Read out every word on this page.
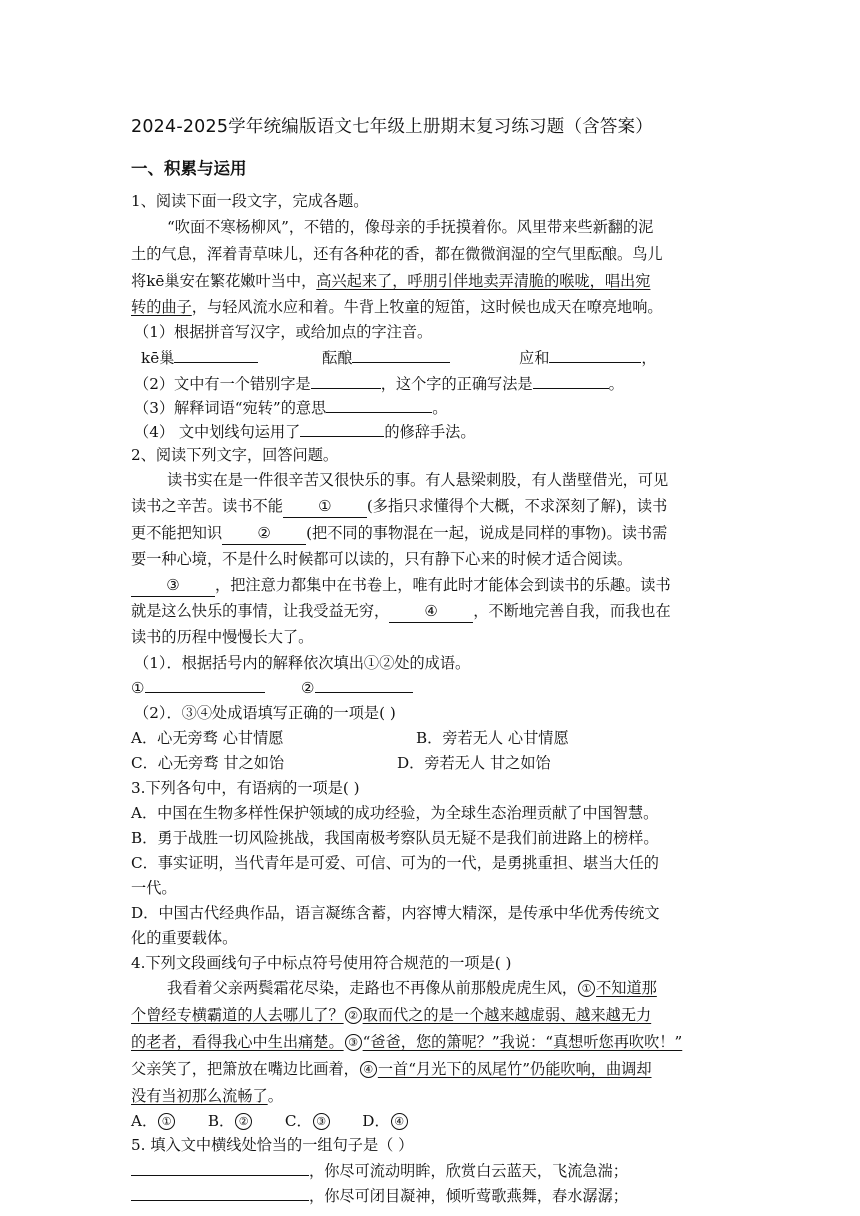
2024-2025学年统编版语文七年级上册期末复习练习题（含答案）
一、积累与运用
1、阅读下面一段文字，完成各题。
“吹面不寒杨柳风”，不错的，像母亲的手抚摸着你。风里带来些新翻的泥
土的气息，浑着青草味儿，还有各种花的香，都在微微润湿的空气里酝酿。鸟儿
将kē巢安在繁花嫩叶当中，高兴起来了，呼朋引伴地卖弄清脆的喉咙，唱出宛
转的曲子，与轻风流水应和着。牛背上牧童的短笛，这时候也成天在嘹亮地响。
（1）根据拼音写汉字，或给加点的字注音。
kē巢	酝酿	应和	，
（2）文中有一个错别字是	，这个字的正确写法是	。
（3）解释词语“宛转”的意思	。
（4） 文中划线句运用了	的修辞手法。
2、阅读下列文字，回答问题。
读书实在是一件很辛苦又很快乐的事。有人悬梁刺股，有人凿壁借光，可见
读书之辛苦。读书不能 ① (多指只求懂得个大概，不求深刻了解)，读书
更不能把知识 ② (把不同的事物混在一起，说成是同样的事物)。读书需
要一种心境，不是什么时候都可以读的，只有静下心来的时候才适合阅读。
③ ，把注意力都集中在书卷上，唯有此时才能体会到读书的乐趣。读书
就是这么快乐的事情，让我受益无穷， ④ ，不断地完善自我，而我也在
读书的历程中慢慢长大了。
（1）．根据括号内的解释依次填出①②处的成语。
①	②
（2）．③④处成语填写正确的一项是( )
A．心无旁骛 心甘情愿	B．旁若无人 心甘情愿
C．心无旁骛 甘之如饴	D．旁若无人 甘之如饴
3.下列各句中，有语病的一项是( )
A．中国在生物多样性保护领域的成功经验，为全球生态治理贡献了中国智慧。
B．勇于战胜一切风险挑战，我国南极考察队员无疑不是我们前进路上的榜样。
C．事实证明，当代青年是可爱、可信、可为的一代，是勇挑重担、堪当大任的
一代。
D．中国古代经典作品，语言凝练含蓄，内容博大精深，是传承中华优秀传统文
化的重要载体。
4.下列文段画线句子中标点符号使用符合规范的一项是( )
我看着父亲两鬓霜花尽染，走路也不再像从前那般虎虎生风， ① 不知道那
个曾经专横霸道的人去哪儿了？ ② 取而代之的是一个越来越虚弱、越来越无力
的老者，看得我心中生出痛楚。 ③ “爸爸，您的箫呢？”我说：“真想听您再吹吹！”
父亲笑了，把箫放在嘴边比画着， ④ 一首“月光下的凤尾竹”仍能吹响，曲调却
没有当初那么流畅了。
A． ① B． ② C． ③ D． ④
5. 填入文中横线处恰当的一组句子是（ ）
，你尽可流动明眸，欣赏白云蓝天，飞流急湍；
，你尽可闭目凝神，倾听莺歌燕舞，春水潺潺；
